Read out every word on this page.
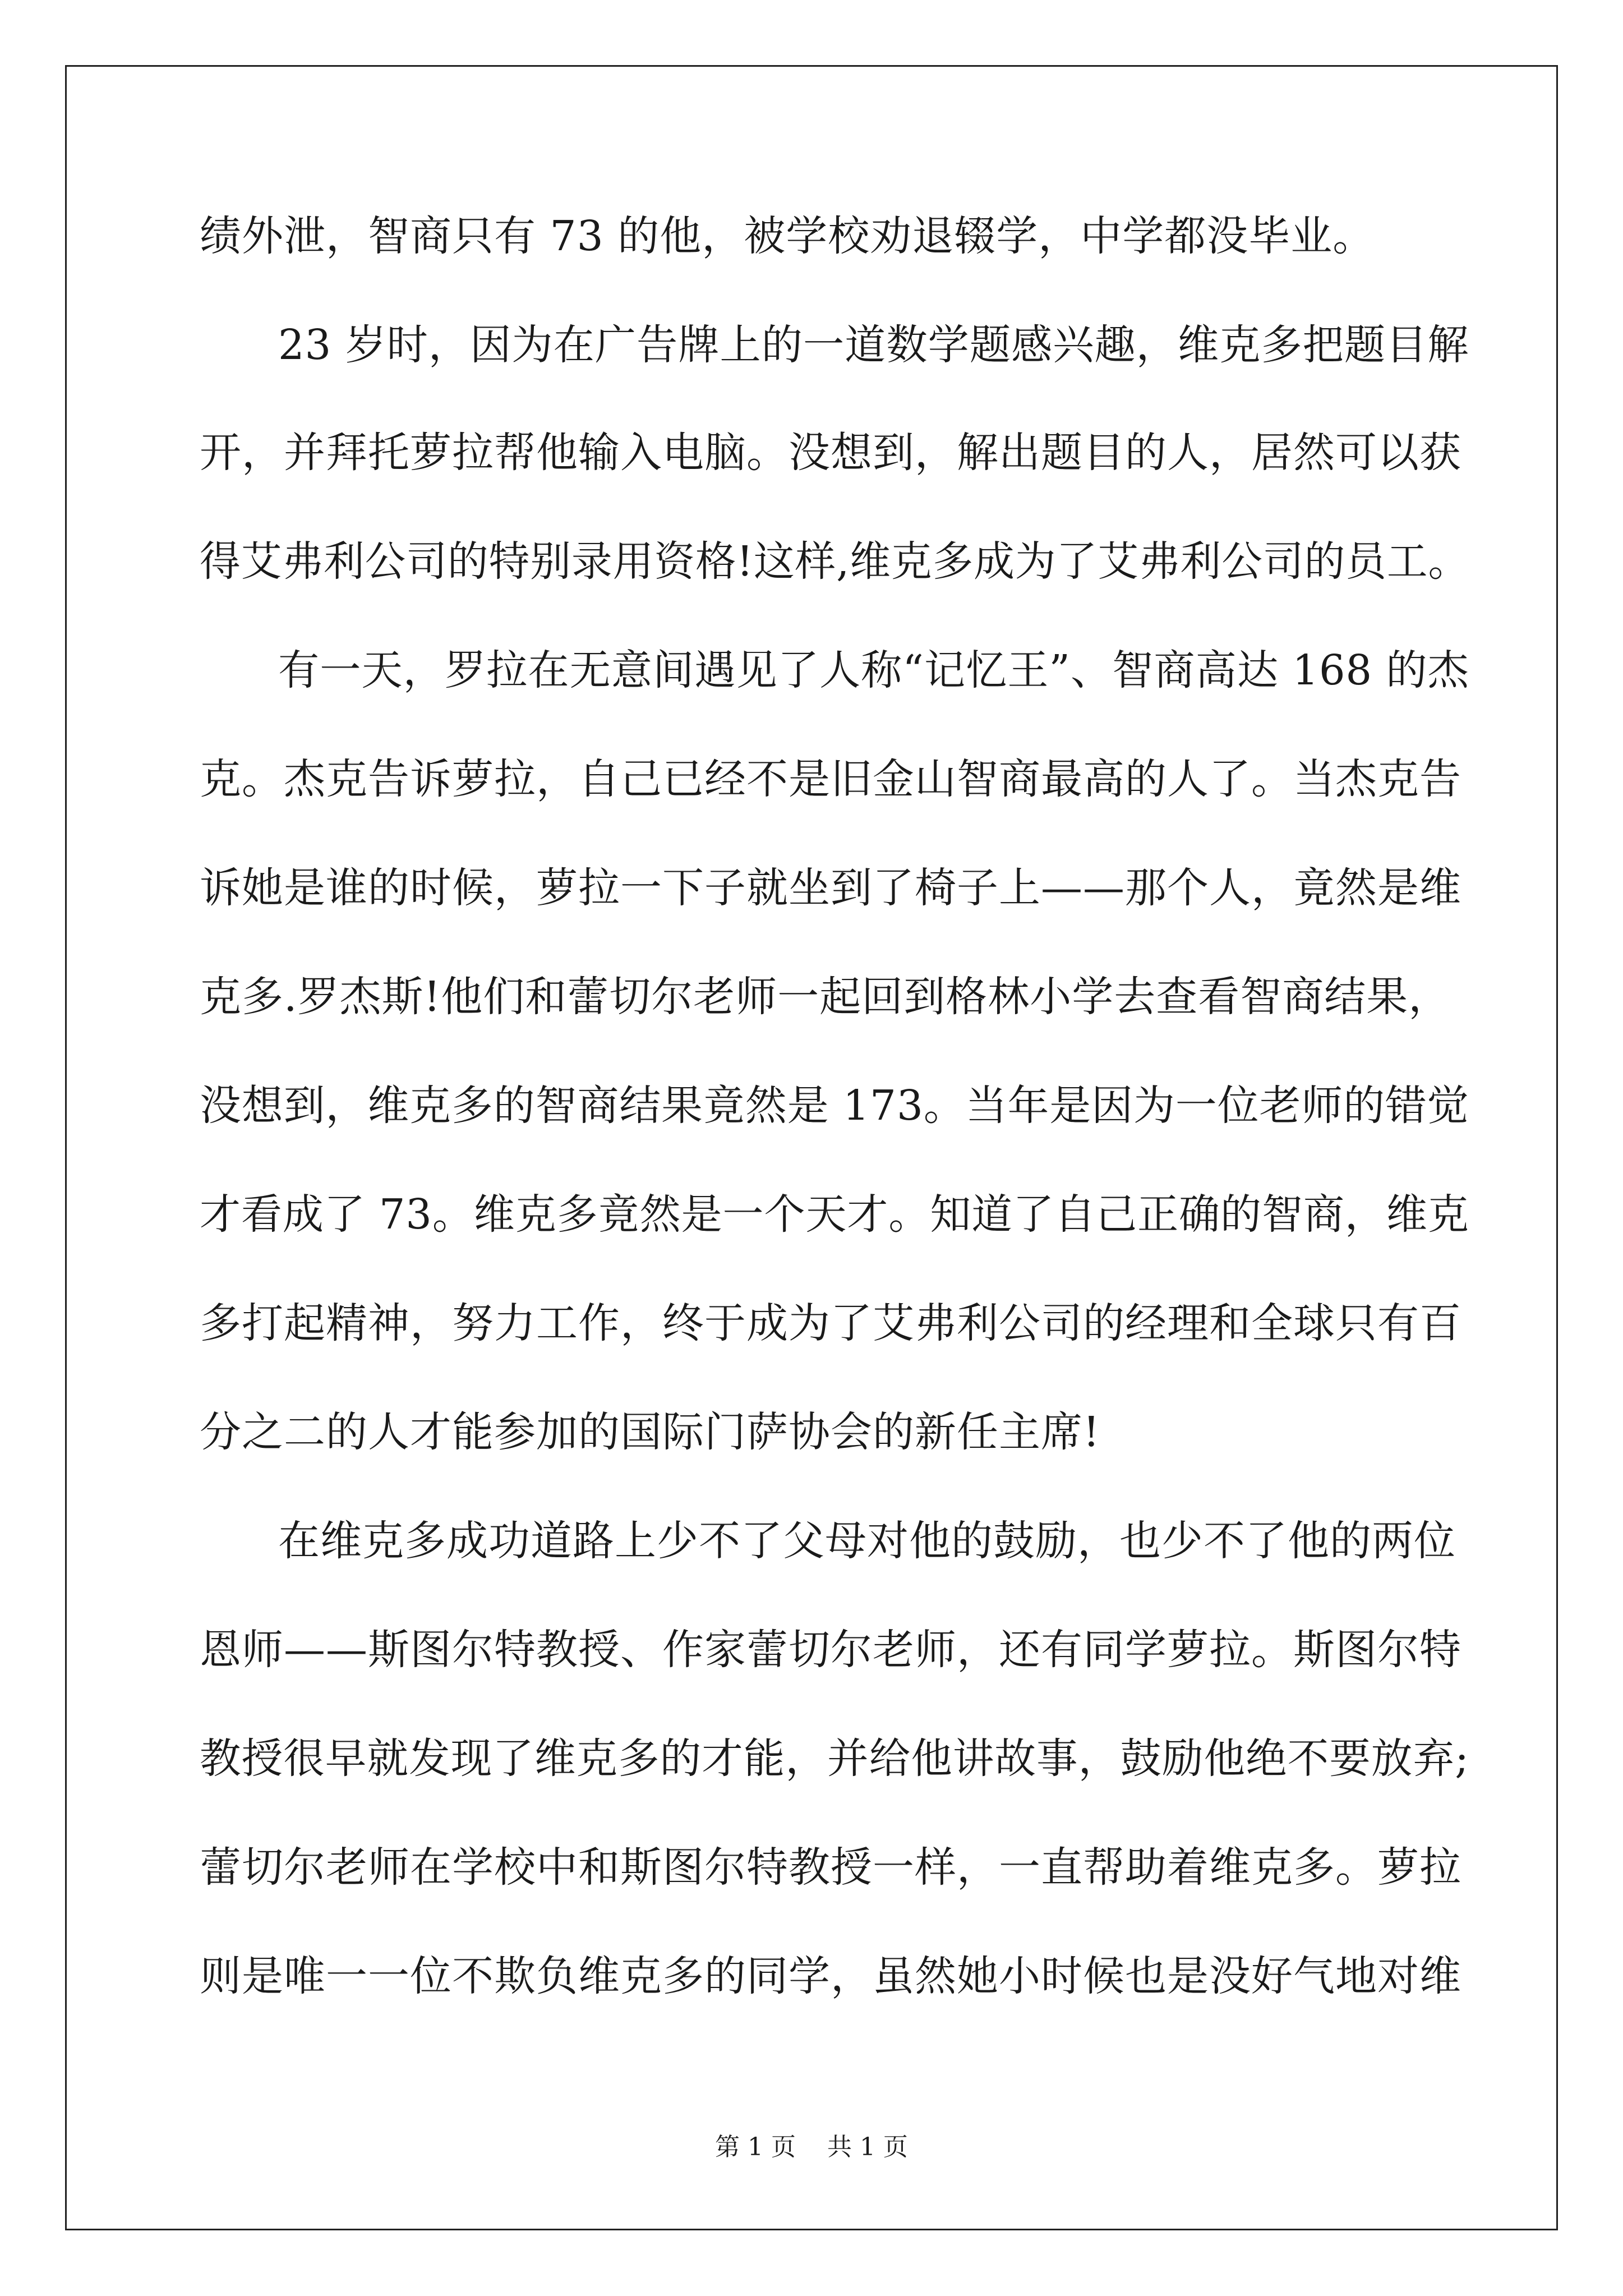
绩外泄，智商只有 73 的他，被学校劝退辍学，中学都没毕业。
23 岁时，因为在广告牌上的一道数学题感兴趣，维克多把题目解
开，并拜托萝拉帮他输入电脑。没想到，解出题目的人，居然可以获
得艾弗利公司的特别录用资格!这样,维克多成为了艾弗利公司的员工。
有一天，罗拉在无意间遇见了人称“记忆王”、智商高达 168 的杰
克。杰克告诉萝拉，自己已经不是旧金山智商最高的人了。当杰克告
诉她是谁的时候，萝拉一下子就坐到了椅子上——那个人，竟然是维
克多.罗杰斯!他们和蕾切尔老师一起回到格林小学去查看智商结果，
没想到，维克多的智商结果竟然是 173。当年是因为一位老师的错觉
才看成了 73。维克多竟然是一个天才。知道了自己正确的智商，维克
多打起精神，努力工作，终于成为了艾弗利公司的经理和全球只有百
分之二的人才能参加的国际门萨协会的新任主席!
在维克多成功道路上少不了父母对他的鼓励，也少不了他的两位
恩师——斯图尔特教授、作家蕾切尔老师，还有同学萝拉。斯图尔特
教授很早就发现了维克多的才能，并给他讲故事，鼓励他绝不要放弃;
蕾切尔老师在学校中和斯图尔特教授一样，一直帮助着维克多。萝拉
则是唯一一位不欺负维克多的同学，虽然她小时候也是没好气地对维
第 1 页    共 1 页
